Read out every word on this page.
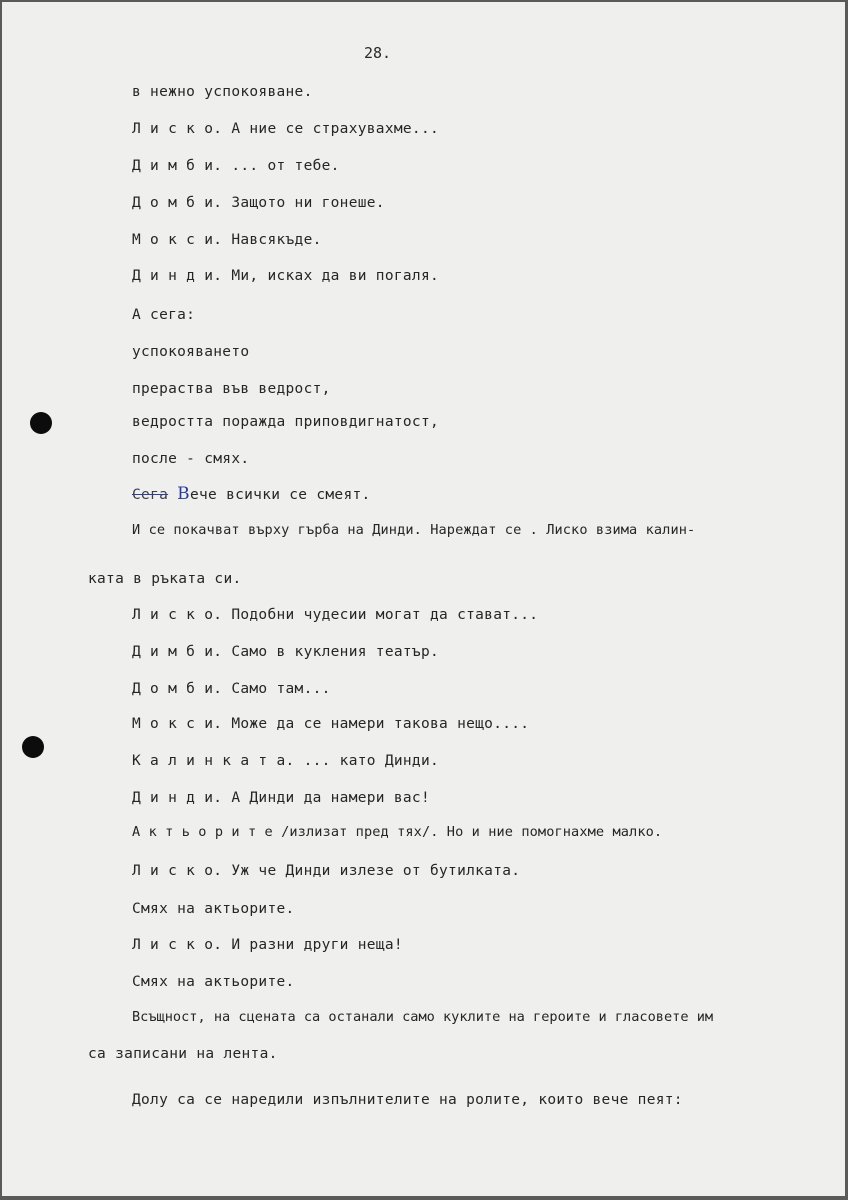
28.
в нежно успокояване.
Л и с к о. А ние се страхувахме...
Д и м б и. ... от тебе.
Д о м б и. Защото ни гонеше.
М о к с и. Навсякъде.
Д и н д и. Ми, исках да ви погаля.
А сега:
успокояването
прераства във ведрост,
ведростта поражда приповдигнатост,
после - смях.
Сега Вече всички се смеят.
И се покачват върху гърба на Динди. Нареждат се . Лиско взима калин-
ката в ръката си.
Л и с к о. Подобни чудесии могат да стават...
Д и м б и. Само в кукления театър.
Д о м б и. Само там...
М о к с и. Може да се намери такова нещо....
К а л и н к а т а. ... като Динди.
Д и н д и. А Динди да намери вас!
А к т ь о р и т е /излизат пред тях/. Но и ние помогнахме малко.
Л и с к о. Уж че Динди излезе от бутилката.
Смях на актьорите.
Л и с к о. И разни други неща!
Смях на актьорите.
Всъщност, на сцената са останали само куклите на героите и гласовете им
са записани на лента.
Долу са се наредили изпълнителите на ролите, които вече пеят:
